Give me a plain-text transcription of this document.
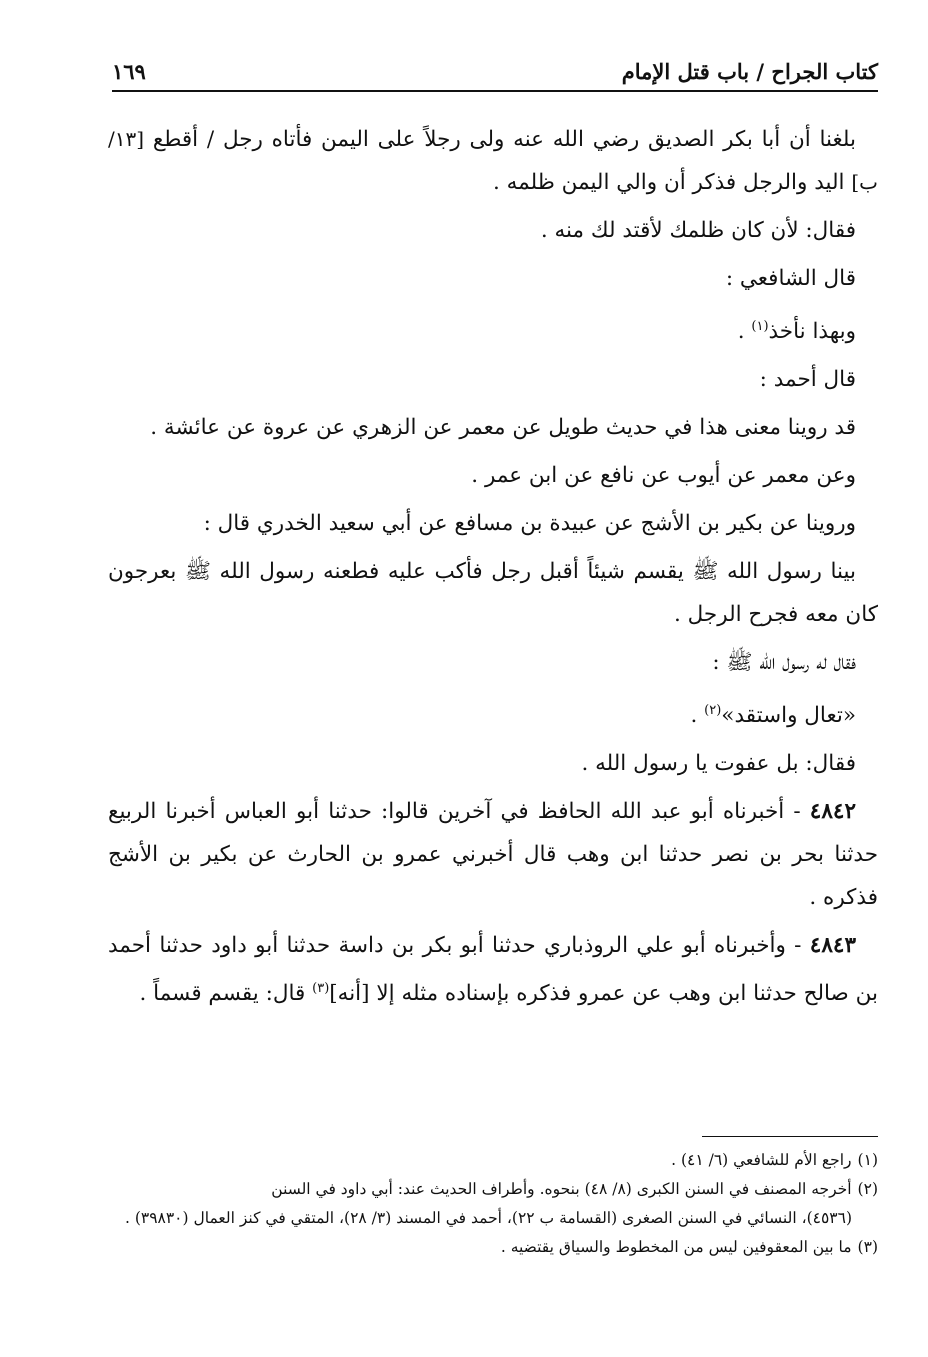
كتاب الجراح / باب قتل الإمام
١٦٩

بلغنا أن أبا بكر الصديق رضي الله عنه ولى رجلاً على اليمن فأتاه رجل / أقطع [١٣/ ب] اليد والرجل فذكر أن والي اليمن ظلمه .

فقال: لأن كان ظلمك لأقتد لك منه .

قال الشافعي :

وبهذا نأخذ$^{(١)}$ .

قال أحمد :

قد روينا معنى هذا في حديث طويل عن معمر عن الزهري عن عروة عن عائشة .

وعن معمر عن أيوب عن نافع عن ابن عمر .

وروينا عن بكير بن الأشج عن عبيدة بن مسافع عن أبي سعيد الخدري قال :

بينا رسول الله ﷺ يقسم شيئاً أقبل رجل فأكب عليه فطعنه رسول الله ﷺ بعرجون كان معه فجرح الرجل .

فقال له رسول الله ﷺ :

«تعال واستقد»$^{(٢)}$ .

فقال: بل عفوت يا رسول الله .

٤٨٤٢ - أخبرناه أبو عبد الله الحافظ في آخرين قالوا: حدثنا أبو العباس أخبرنا الربيع حدثنا بحر بن نصر حدثنا ابن وهب قال أخبرني عمرو بن الحارث عن بكير بن الأشج فذكره .

٤٨٤٣ - وأخبرناه أبو علي الروذباري حدثنا أبو بكر بن داسة حدثنا أبو داود حدثنا أحمد بن صالح حدثنا ابن وهب عن عمرو فذكره بإسناده مثله إلا [أنه]$^{(٣)}$ قال: يقسم قسماً .

(١)راجع الأم للشافعي (٦/ ٤١) .

(٢)أخرجه المصنف في السنن الكبرى (٨/ ٤٨) بنحوه. وأطراف الحديث عند: أبي داود في السنن

(٤٥٣٦)، النسائي في السنن الصغرى (القسامة ب ٢٢)، أحمد في المسند (٣/ ٢٨)، المتقي في كنز العمال (٣٩٨٣٠) .

(٣)ما بين المعقوفين ليس من المخطوط والسياق يقتضيه .
